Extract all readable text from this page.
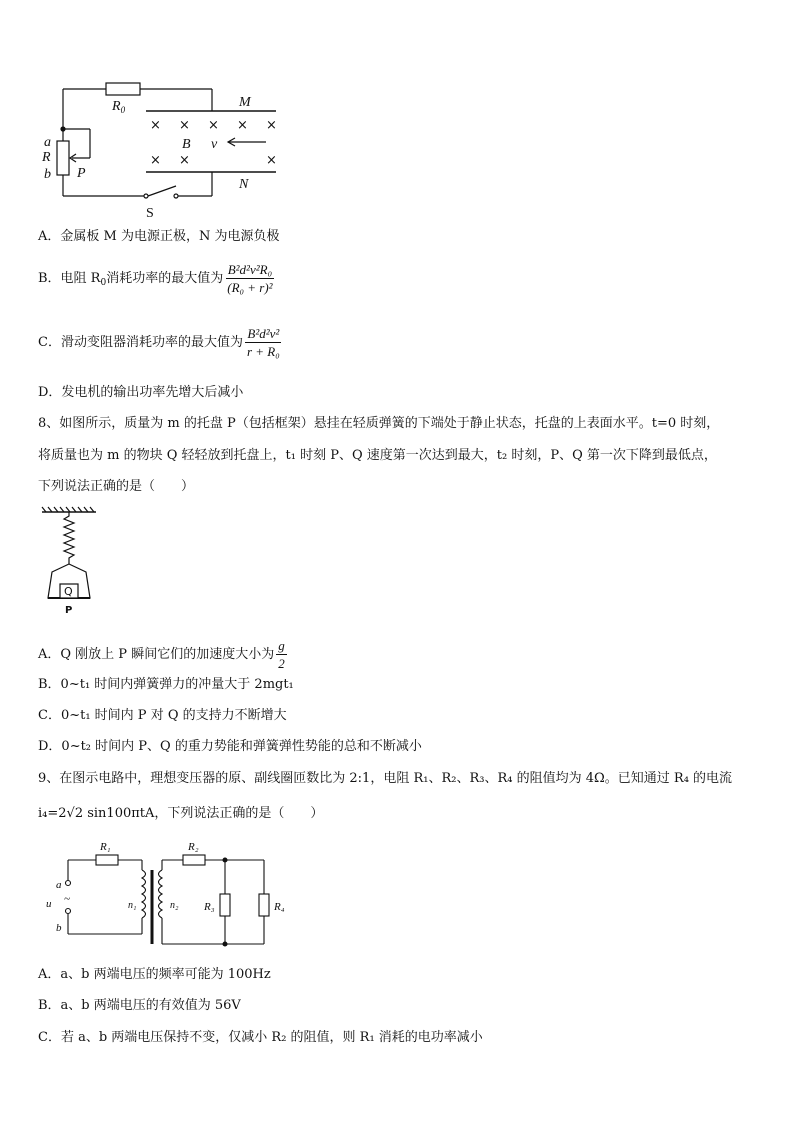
$R_0$	M
N
a
R
b P
B v
S
× × × × ×
× ×	×
A．金属板 M 为电源正极，N 为电源负极
B．电阻 R 0 消耗功率的最大值为 $\frac{\text{B²d²v²R₀}}{\text{(R₀ + r)²}}$
C．滑动变阻器消耗功率的最大值为 $\frac{\text{B²d²v²}}{\text{r + R₀}}$
D．发电机的输出功率先增大后减小
8、如图所示，质量为 m 的托盘 P（包括框架）悬挂在轻质弹簧的下端处于静止状态，托盘的上表面水平。t=0 时刻，
将质量也为 m 的物块 Q 轻轻放到托盘上，t₁ 时刻 P、Q 速度第一次达到最大，t₂ 时刻，P、Q 第一次下降到最低点，
下列说法正确的是（　　）
Q
P
A．Q 刚放上 P 瞬间它们的加速度大小为 $\frac{g}{2}$
B．0~t₁ 时间内弹簧弹力的冲量大于 2mgt₁
C．0~t₁ 时间内 P 对 Q 的支持力不断增大
D．0~t₂ 时间内 P、Q 的重力势能和弹簧弹性势能的总和不断减小
9、在图示电路中，理想变压器的原、副线圈匝数比为 2:1，电阻 R₁、R₂、R₃、R₄ 的阻值均为 4Ω。已知通过 R₄ 的电流
i₄=2√2 sin100πtA，下列说法正确的是（　　）
R₁	R₂
R₃	R₄
a
b
u ~
n₁	n₂
A．a、b 两端电压的频率可能为 100Hz
B．a、b 两端电压的有效值为 56V
C．若 a、b 两端电压保持不变，仅减小 R₂ 的阻值，则 R₁ 消耗的电功率减小
